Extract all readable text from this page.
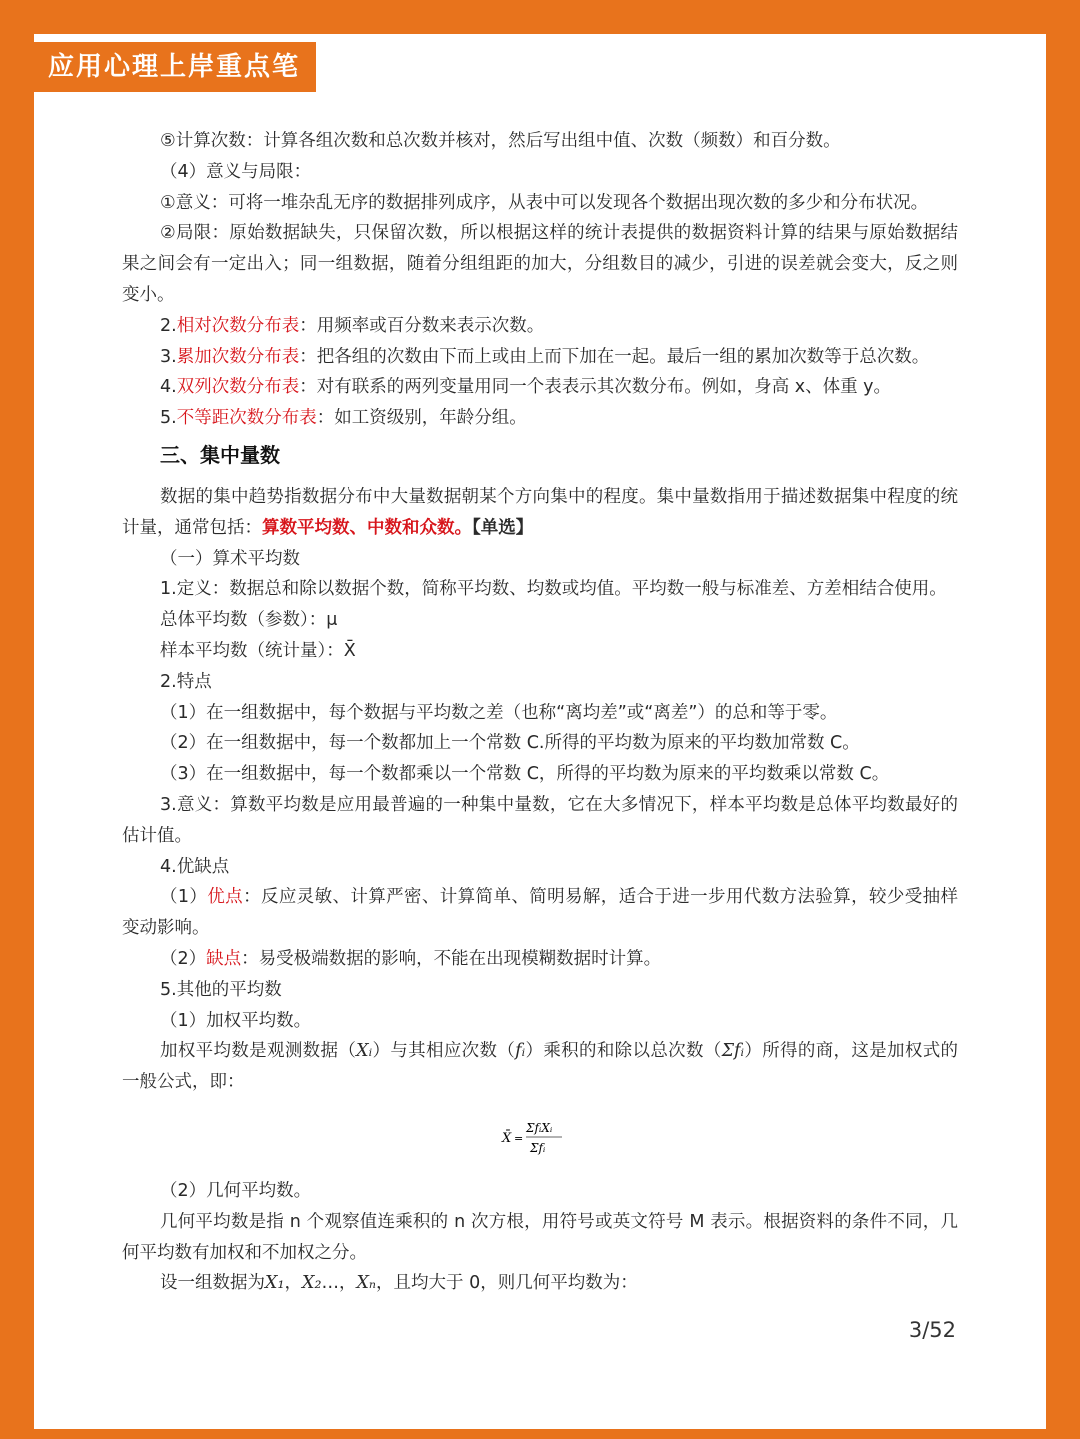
应用心理上岸重点笔记
⑤计算次数：计算各组次数和总次数并核对，然后写出组中值、次数（频数）和百分数。
（4）意义与局限：
①意义：可将一堆杂乱无序的数据排列成序，从表中可以发现各个数据出现次数的多少和分布状况。
②局限：原始数据缺失，只保留次数，所以根据这样的统计表提供的数据资料计算的结果与原始数据结果之间会有一定出入；同一组数据，随着分组组距的加大，分组数目的减少，引进的误差就会变大，反之则变小。
2.相对次数分布表：用频率或百分数来表示次数。
3.累加次数分布表：把各组的次数由下而上或由上而下加在一起。最后一组的累加次数等于总次数。
4.双列次数分布表：对有联系的两列变量用同一个表表示其次数分布。例如，身高 x、体重 y。
5.不等距次数分布表：如工资级别，年龄分组。
三、集中量数
数据的集中趋势指数据分布中大量数据朝某个方向集中的程度。集中量数指用于描述数据集中程度的统计量，通常包括：算数平均数、中数和众数。【单选】
（一）算术平均数
1.定义：数据总和除以数据个数，简称平均数、均数或均值。平均数一般与标准差、方差相结合使用。
总体平均数（参数）：μ
样本平均数（统计量）：X̄
2.特点
（1）在一组数据中，每个数据与平均数之差（也称“离均差”或“离差”）的总和等于零。
（2）在一组数据中，每一个数都加上一个常数 C.所得的平均数为原来的平均数加常数 C。
（3）在一组数据中，每一个数都乘以一个常数 C，所得的平均数为原来的平均数乘以常数 C。
3.意义：算数平均数是应用最普遍的一种集中量数，它在大多情况下，样本平均数是总体平均数最好的估计值。
4.优缺点
（1）优点：反应灵敏、计算严密、计算简单、简明易解，适合于进一步用代数方法验算，较少受抽样变动影响。
（2）缺点：易受极端数据的影响，不能在出现模糊数据时计算。
5.其他的平均数
（1）加权平均数。
加权平均数是观测数据（Xᵢ）与其相应次数（fᵢ）乘积的和除以总次数（Σfᵢ）所得的商，这是加权式的一般公式，即：
X̄ =
ΣfᵢXᵢ
Σfᵢ
（2）几何平均数。
几何平均数是指 n 个观察值连乘积的 n 次方根，用符号或英文符号 M 表示。根据资料的条件不同，几何平均数有加权和不加权之分。
设一组数据为X₁，X₂…，Xₙ，且均大于 0，则几何平均数为：
3/52
